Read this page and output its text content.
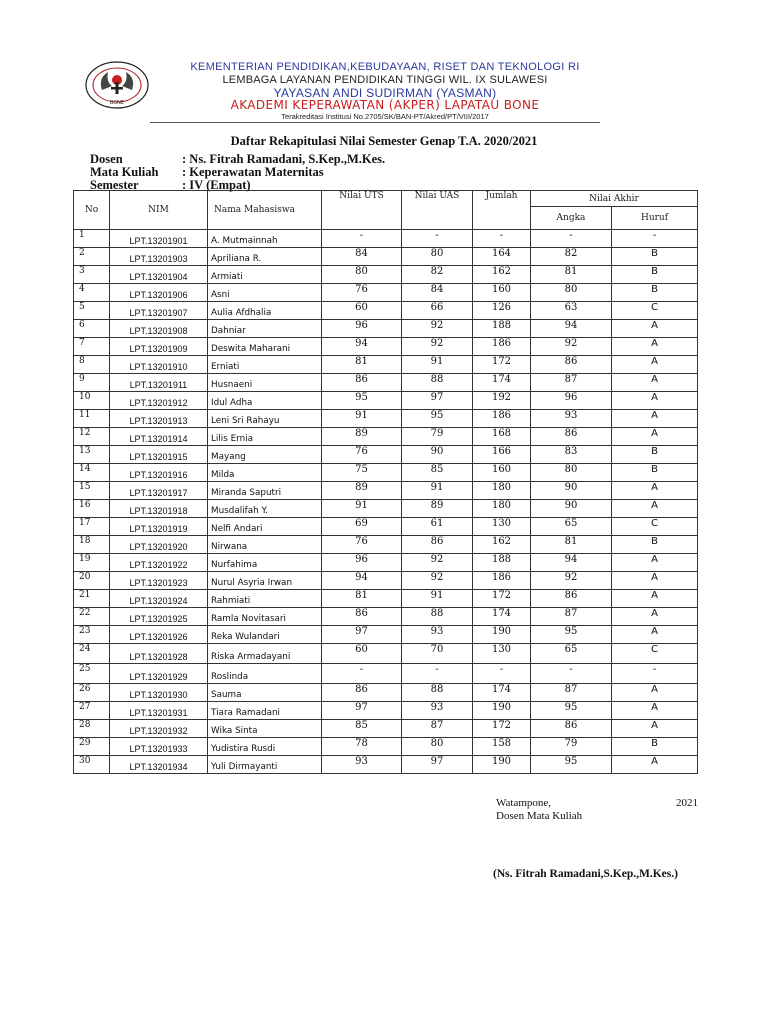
BONE
KEMENTERIAN PENDIDIKAN,KEBUDAYAAN, RISET DAN TEKNOLOGI RI
LEMBAGA LAYANAN PENDIDIKAN TINGGI WIL. IX SULAWESI
YAYASAN ANDI SUDIRMAN (YASMAN)
AKADEMI KEPERAWATAN (AKPER) LAPATAU BONE
Terakreditasi Institusi No.2705/SK/BAN-PT/Akred/PT/VIII/2017
Daftar Rekapitulasi Nilai Semester Genap T.A. 2020/2021
Dosen	: Ns. Fitrah Ramadani, S.Kep.,M.Kes.
Mata Kuliah : Keperawatan Maternitas
Semester	: IV (Empat)
No	NIM	Nama Mahasiswa	Nilai UTS	Nilai UAS	Jumlah	Nilai Akhir	
						Angka	Huruf
1	LPT.13201901	A. Mutmainnah	-	-	-	-	-
2	LPT.13201903	Apriliana R.	84	80	164	82	B
3	LPT.13201904	Armiati	80	82	162	81	B
4	LPT.13201906	Asni	76	84	160	80	B
5	LPT.13201907	Aulia Afdhalia	60	66	126	63	C
6	LPT.13201908	Dahniar	96	92	188	94	A
7	LPT.13201909	Deswita Maharani	94	92	186	92	A
8	LPT.13201910	Erniati	81	91	172	86	A
9	LPT.13201911	Husnaeni	86	88	174	87	A
10	LPT.13201912	Idul Adha	95	97	192	96	A
11	LPT.13201913	Leni Sri Rahayu	91	95	186	93	A
12	LPT.13201914	Lilis Ernia	89	79	168	86	A
13	LPT.13201915	Mayang	76	90	166	83	B
14	LPT.13201916	Milda	75	85	160	80	B
15	LPT.13201917	Miranda Saputri	89	91	180	90	A
16	LPT.13201918	Musdalifah Y.	91	89	180	90	A
17	LPT.13201919	Nelfi Andari	69	61	130	65	C
18	LPT.13201920	Nirwana	76	86	162	81	B
19	LPT.13201922	Nurfahima	96	92	188	94	A
20	LPT.13201923	Nurul Asyria Irwan	94	92	186	92	A
21	LPT.13201924	Rahmiati	81	91	172	86	A
22	LPT.13201925	Ramla Novitasari	86	88	174	87	A
23	LPT.13201926	Reka Wulandari	97	93	190	95	A
24	LPT.13201928	Riska Armadayani	60	70	130	65	C
25	LPT.13201929	Roslinda	-	-	-	-	-
26	LPT.13201930	Sauma	86	88	174	87	A
27	LPT.13201931	Tiara Ramadani	97	93	190	95	A
28	LPT.13201932	Wika Sinta	85	87	172	86	A
29	LPT.13201933	Yudistira Rusdi	78	80	158	79	B
30	LPT.13201934	Yuli Dirmayanti	93	97	190	95	A
Watampone,	2021
Dosen Mata Kuliah
(Ns. Fitrah Ramadani,S.Kep.,M.Kes.)
